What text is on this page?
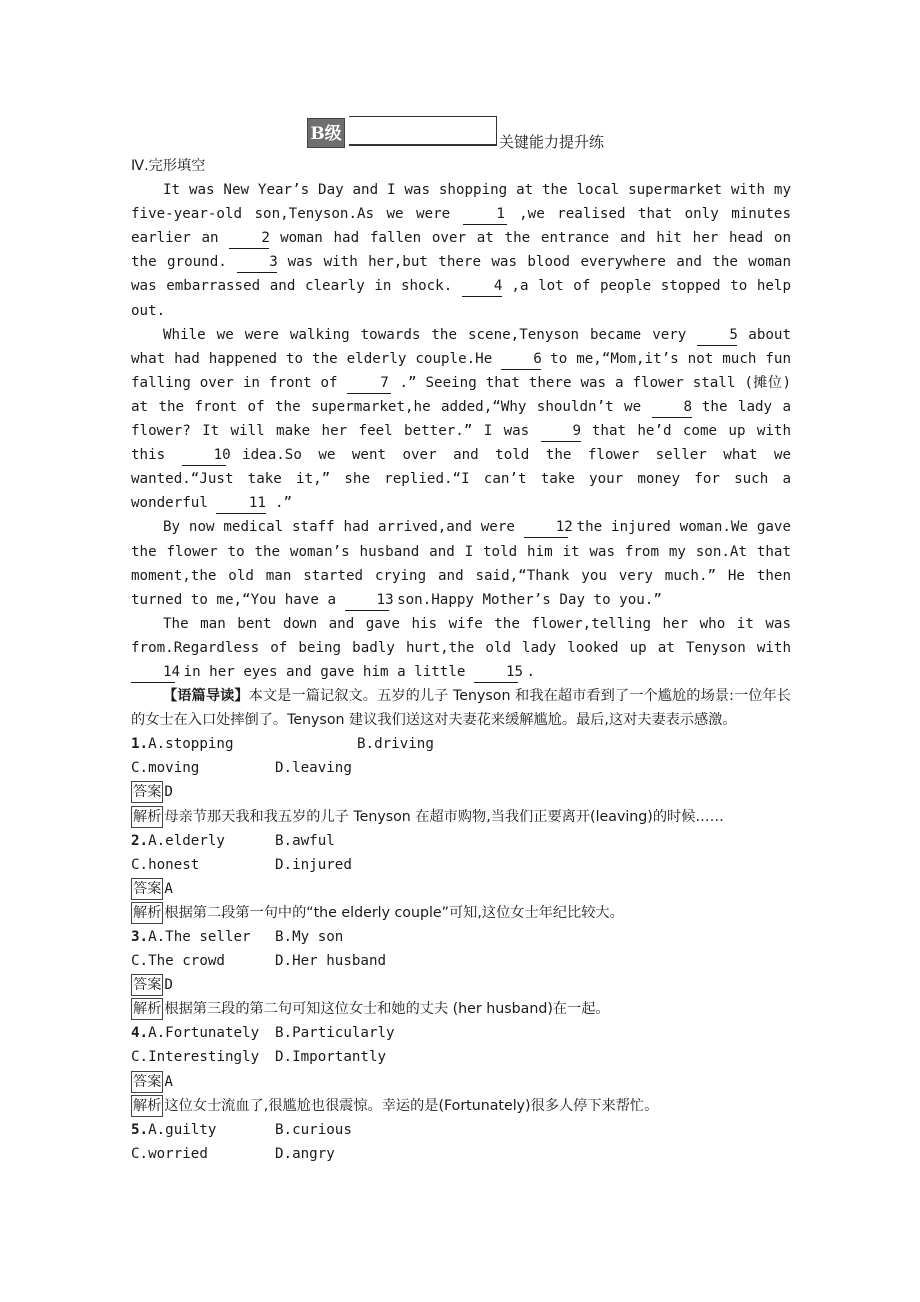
B级	关键能力提升练
Ⅳ.完形填空

It was New Year’s Day and I was shopping at the local supermarket with my five-year-old son,Tenyson.As we were 1 ,we realised that only minutes earlier an 2 woman had fallen over at the entrance and hit her head on the ground. 3 was with her,but there was blood everywhere and the woman was embarrassed and clearly in shock. 4 ,a lot of people stopped to help out.

While we were walking towards the scene,Tenyson became very 5 about what had happened to the elderly couple.He 6 to me,“Mom,it’s not much fun falling over in front of 7 .” Seeing that there was a flower stall (摊位) at the front of the supermarket,he added,“Why shouldn’t we 8 the lady a flower? It will make her feel better.” I was 9 that he’d come up with this 10 idea.So we went over and told the flower seller what we wanted.“Just take it,” she replied.“I can’t take your money for such a wonderful 11 .”

By now medical staff had arrived,and were 12 the injured woman.We gave the flower to the woman’s husband and I told him it was from my son.At that moment,the old man started crying and said,“Thank you very much.” He then turned to me,“You have a 13 son.Happy Mother’s Day to you.”

The man bent down and gave his wife the flower,telling her who it was from.Regardless of being badly hurt,the old lady looked up at Tenyson with 14 in her eyes and gave him a little 15 .

【语篇导读】本文是一篇记叙文。五岁的儿子 Tenyson 和我在超市看到了一个尴尬的场景:一位年长的女士在入口处摔倒了。Tenyson 建议我们送这对夫妻花来缓解尴尬。最后,这对夫妻表示感激。

1.A.stopping	B.driving
C.moving	D.leaving
答案 D
解析 母亲节那天我和我五岁的儿子 Tenyson 在超市购物,当我们正要离开(leaving)的时候……
2.A.elderly	B.awful
C.honest	D.injured
答案 A
解析 根据第二段第一句中的“the elderly couple”可知,这位女士年纪比较大。
3.A.The seller	B.My son
C.The crowd	D.Her husband
答案 D
解析 根据第三段的第二句可知这位女士和她的丈夫 (her husband)在一起。
4.A.Fortunately	B.Particularly
C.Interestingly	D.Importantly
答案 A
解析 这位女士流血了,很尴尬也很震惊。幸运的是(Fortunately)很多人停下来帮忙。
5.A.guilty	B.curious
C.worried	D.angry
